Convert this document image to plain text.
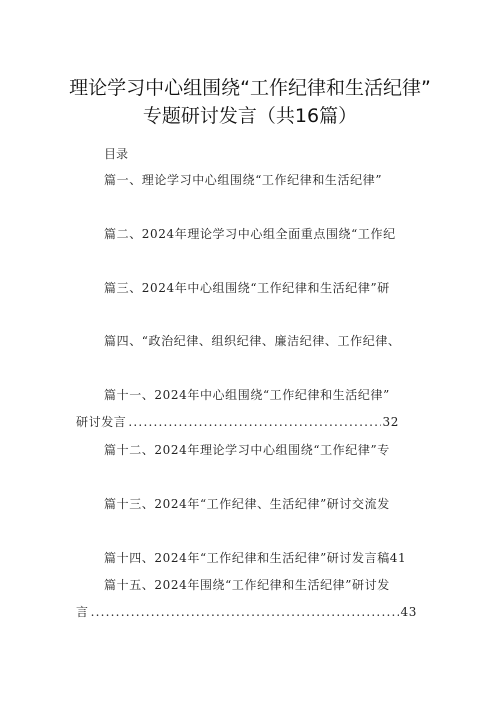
理论学习中心组围绕“工作纪律和生活纪律”
专题研讨发言（共16篇）
目录
篇一、理论学习中心组围绕“工作纪律和生活纪律”
篇二、2024年理论学习中心组全面重点围绕“工作纪
篇三、2024年中心组围绕“工作纪律和生活纪律”研
篇四、“政治纪律、组织纪律、廉洁纪律、工作纪律、
篇十一、2024年中心组围绕“工作纪律和生活纪律”
研讨发言 .....	32
篇十二、2024年理论学习中心组围绕“工作纪律”专
篇十三、2024年“工作纪律、生活纪律”研讨交流发
篇十四、2024年“工作纪律和生活纪律”研讨发言稿41
篇十五、2024年围绕“工作纪律和生活纪律”研讨发
言 .....	43
